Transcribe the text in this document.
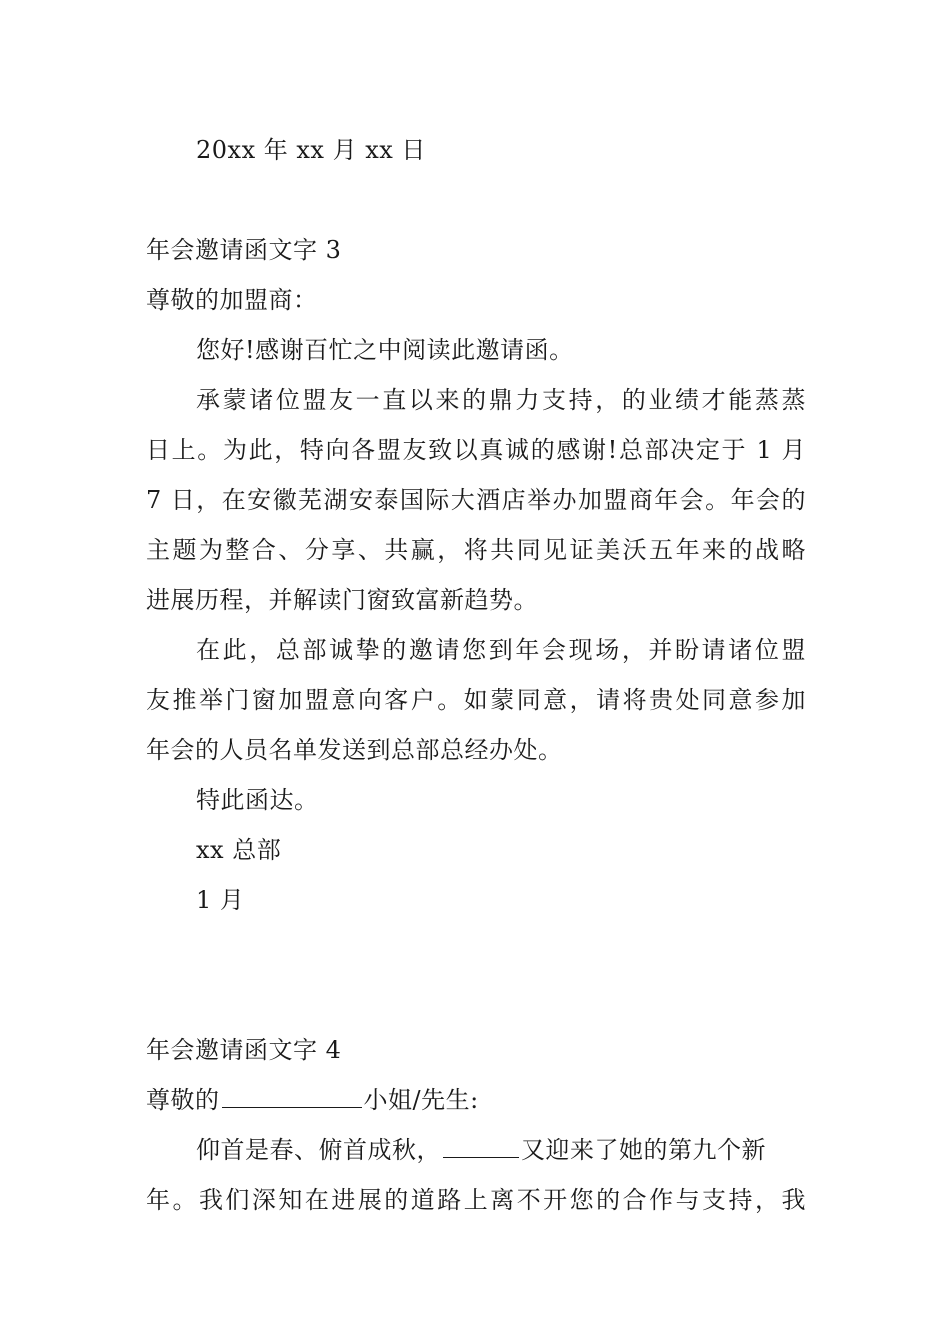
20xx 年 xx 月 xx 日
年会邀请函文字 3
尊敬的加盟商：
您好!感谢百忙之中阅读此邀请函。
承蒙诸位盟友一直以来的鼎力支持，的业绩才能蒸蒸
日上。为此，特向各盟友致以真诚的感谢!总部决定于 1 月
7 日，在安徽芜湖安泰国际大酒店举办加盟商年会。年会的
主题为整合、分享、共赢，将共同见证美沃五年来的战略
进展历程，并解读门窗致富新趋势。
在此，总部诚挚的邀请您到年会现场，并盼请诸位盟
友推举门窗加盟意向客户。如蒙同意，请将贵处同意参加
年会的人员名单发送到总部总经办处。
特此函达。
xx 总部
1 月
年会邀请函文字 4
尊敬的	小姐/先生:
仰首是春、俯首成秋，	又迎来了她的第九个新
年。我们深知在进展的道路上离不开您的合作与支持，我
